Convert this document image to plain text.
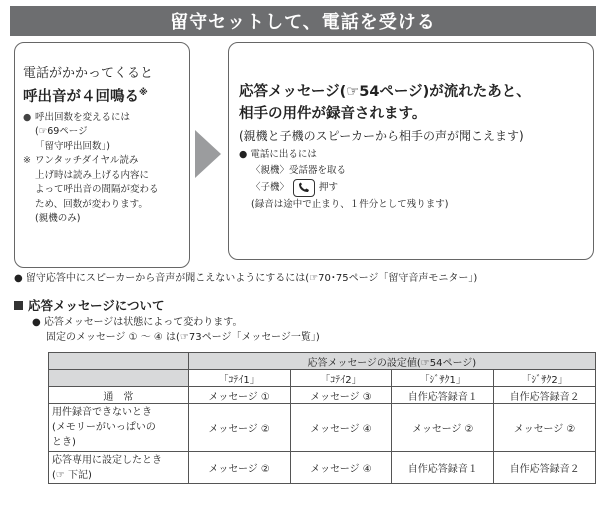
留守セットして、電話を受ける
電話がかかってくると
呼出音が４回鳴る※
● 呼出回数を変えるには
(☞69ページ
「留守呼出回数」)
※ ワンタッチダイヤル読み
上げ時は読み上げる内容に
よって呼出音の間隔が変わる
ため、回数が変わります。
(親機のみ)
応答メッセージ(☞54ページ)が流れたあと、
相手の用件が録音されます。
(親機と子機のスピーカーから相手の声が聞こえます)
● 電話に出るには
〈親機〉受話器を取る
〈子機〉	押す
(録音は途中で止まり、１件分として残ります)
● 留守応答中にスピーカーから音声が聞こえないようにするには(☞70･75ページ「留守音声モニター」)
応答メッセージについて
● 応答メッセージは状態によって変わります。
固定のメッセージ ① ～ ④ は(☞73ページ「メッセージ一覧」)
	応答メッセージの設定値(☞54ページ)			
	「ｺﾃｲ1」	「ｺﾃｲ2」	「ｼﾞｻｸ1」	「ｼﾞｻｸ2」
通　常	メッセージ ①	メッセージ ③	自作応答録音１	自作応答録音２

用件録音できないとき
(メモリーがいっぱいの
とき)	メッセージ ②	メッセージ ④	メッセージ ②	メッセージ ②

応答専用に設定したとき
(☞ 下記)	メッセージ ②	メッセージ ④	自作応答録音１	自作応答録音２
